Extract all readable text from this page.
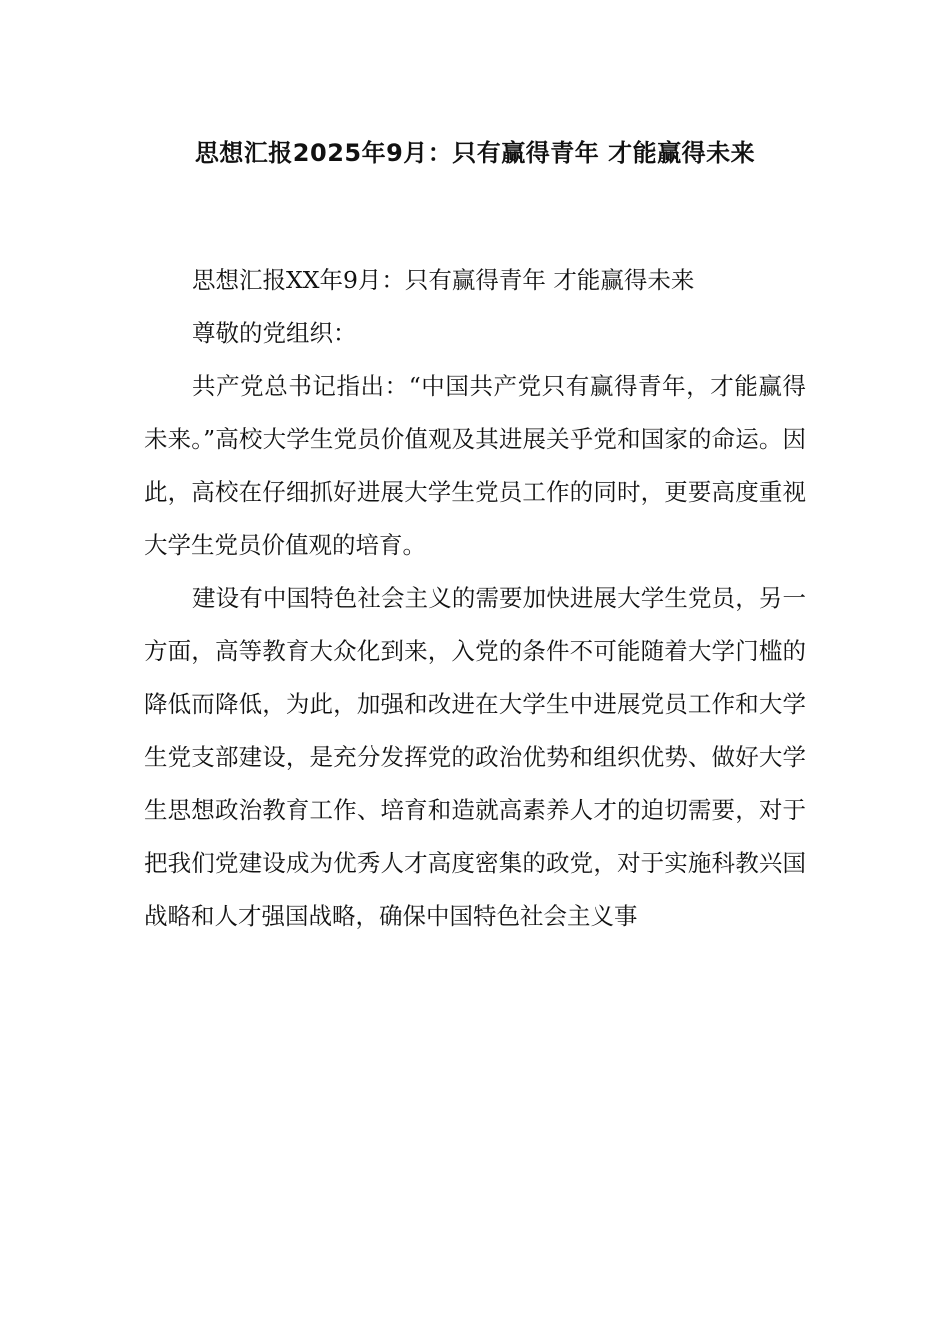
思想汇报2025年9月：只有赢得青年 才能赢得未来

思想汇报XX年9月：只有赢得青年 才能赢得未来

尊敬的党组织：

共产党总书记指出：“中国共产党只有赢得青年，才能赢得未来。”高校大学生党员价值观及其进展关乎党和国家的命运。因此，高校在仔细抓好进展大学生党员工作的同时，更要高度重视大学生党员价值观的培育。

建设有中国特色社会主义的需要加快进展大学生党员，另一方面，高等教育大众化到来，入党的条件不可能随着大学门槛的降低而降低，为此，加强和改进在大学生中进展党员工作和大学生党支部建设，是充分发挥党的政治优势和组织优势、做好大学生思想政治教育工作、培育和造就高素养人才的迫切需要，对于把我们党建设成为优秀人才高度密集的政党，对于实施科教兴国战略和人才强国战略，确保中国特色社会主义事
